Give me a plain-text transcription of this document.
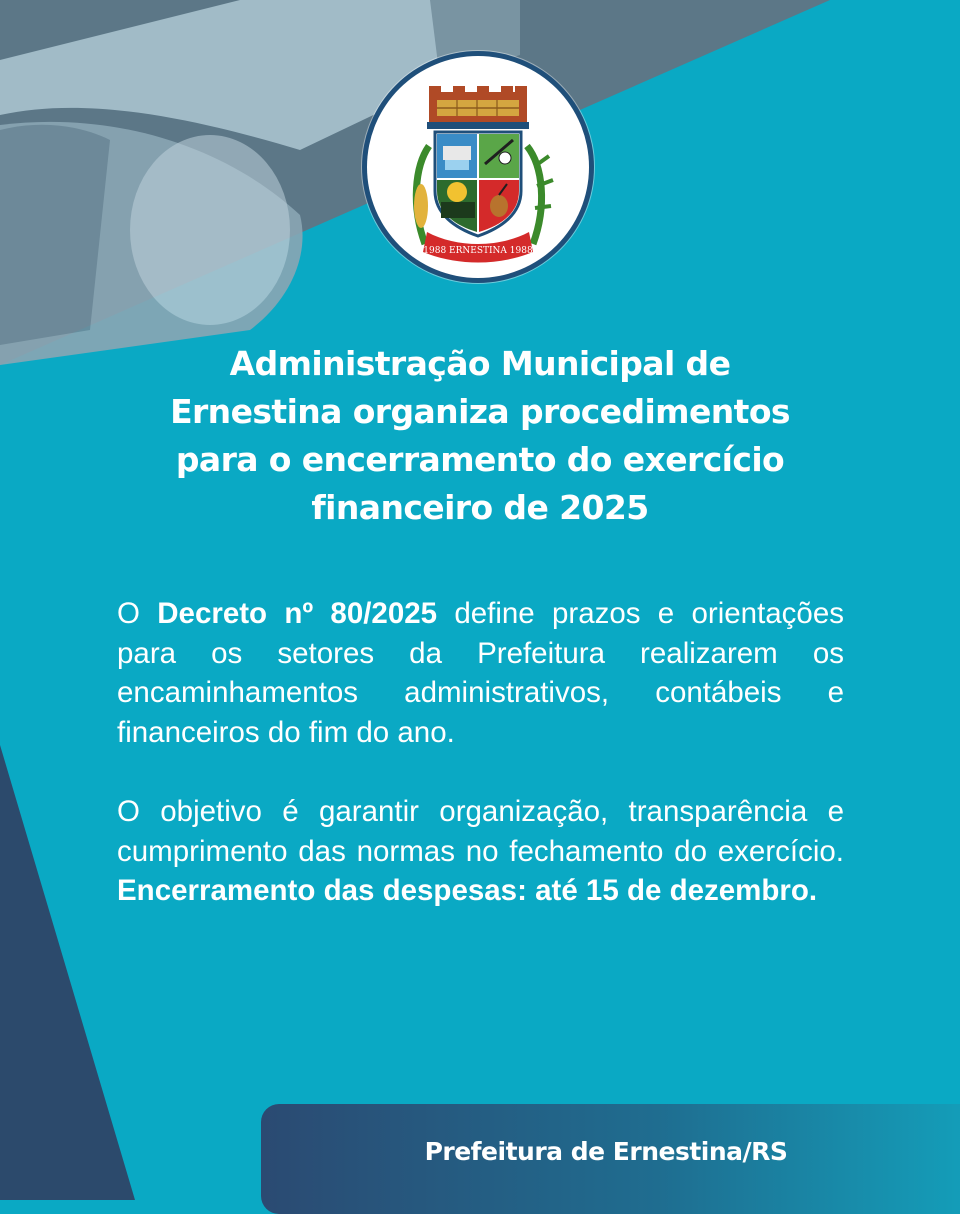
1988 ERNESTINA 1988
Administração Municipal de
Ernestina organiza procedimentos
para o encerramento do exercício
financeiro de 2025

O Decreto nº 80/2025 define prazos e orientações para os setores da Prefeitura realizarem os encaminhamentos administrativos, contábeis e financeiros do fim do ano.

O objetivo é garantir organização, transparência e cumprimento das normas no fechamento do exercício. Encerramento das despesas: até 15 de dezembro.

Prefeitura de Ernestina/RS
